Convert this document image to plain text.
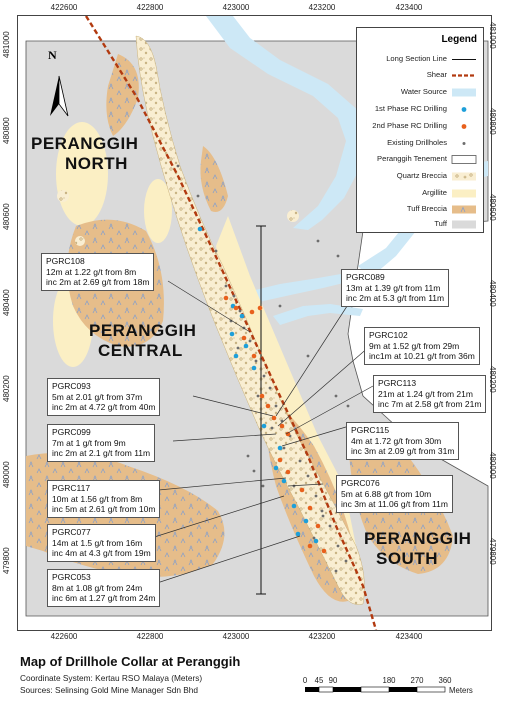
N
PERANGGIH
NORTH
PERANGGIH
CENTRAL
PERANGGIH
SOUTH
PGRC108
12m at 1.22 g/t from 8m
inc 2m at 2.69 g/t from 18m	PGRC089
13m at 1.39 g/t from 11m
inc 2m at 5.3 g/t from 11m
PGRC102
9m at 1.52 g/t from 29m
inc1m at 10.21 g/t from 36m
PGRC093
5m at 2.01 g/t from 37m
inc 2m at 4.72 g/t from 40m
PGRC113
21m at 1.24 g/t from 21m
inc 7m at 2.58 g/t from 21m
PGRC099
7m at 1 g/t from 9m
inc 2m at 2.1 g/t from 11m
PGRC115
4m at 1.72 g/t from 30m
inc 3m at 2.09 g/t from 31m
PGRC117
10m at 1.56 g/t from 8m
inc 5m at 2.61 g/t from 10m
PGRC076
5m at 6.88 g/t from 10m
inc 3m at 11.06 g/t from 11m
PGRC077
14m at 1.5 g/t from 16m
inc 4m at 4.3 g/t from 19m
PGRC053
8m at 1.08 g/t from 24m
inc 6m at 1.27 g/t from 24m
422600	422800	423000	423200	423400
422600	422800	423000	423200	423400
481000
480800
480600
480400
480200
480000
479800
481000
480800
480600
480400
480200
480000
479800
Legend
Long Section Line
Shear
Water Source
1st Phase RC Drilling
2nd Phase RC Drilling
Existing Drillholes
Peranggih Tenement
Quartz Breccia
Argillite
Tuff Breccia
Tuff
Map of Drillhole Collar at Peranggih
Coordinate System: Kertau RSO Malaya (Meters)
Sources: Selinsing Gold Mine Manager Sdn Bhd
0 45 90	180 270 360
Meters
